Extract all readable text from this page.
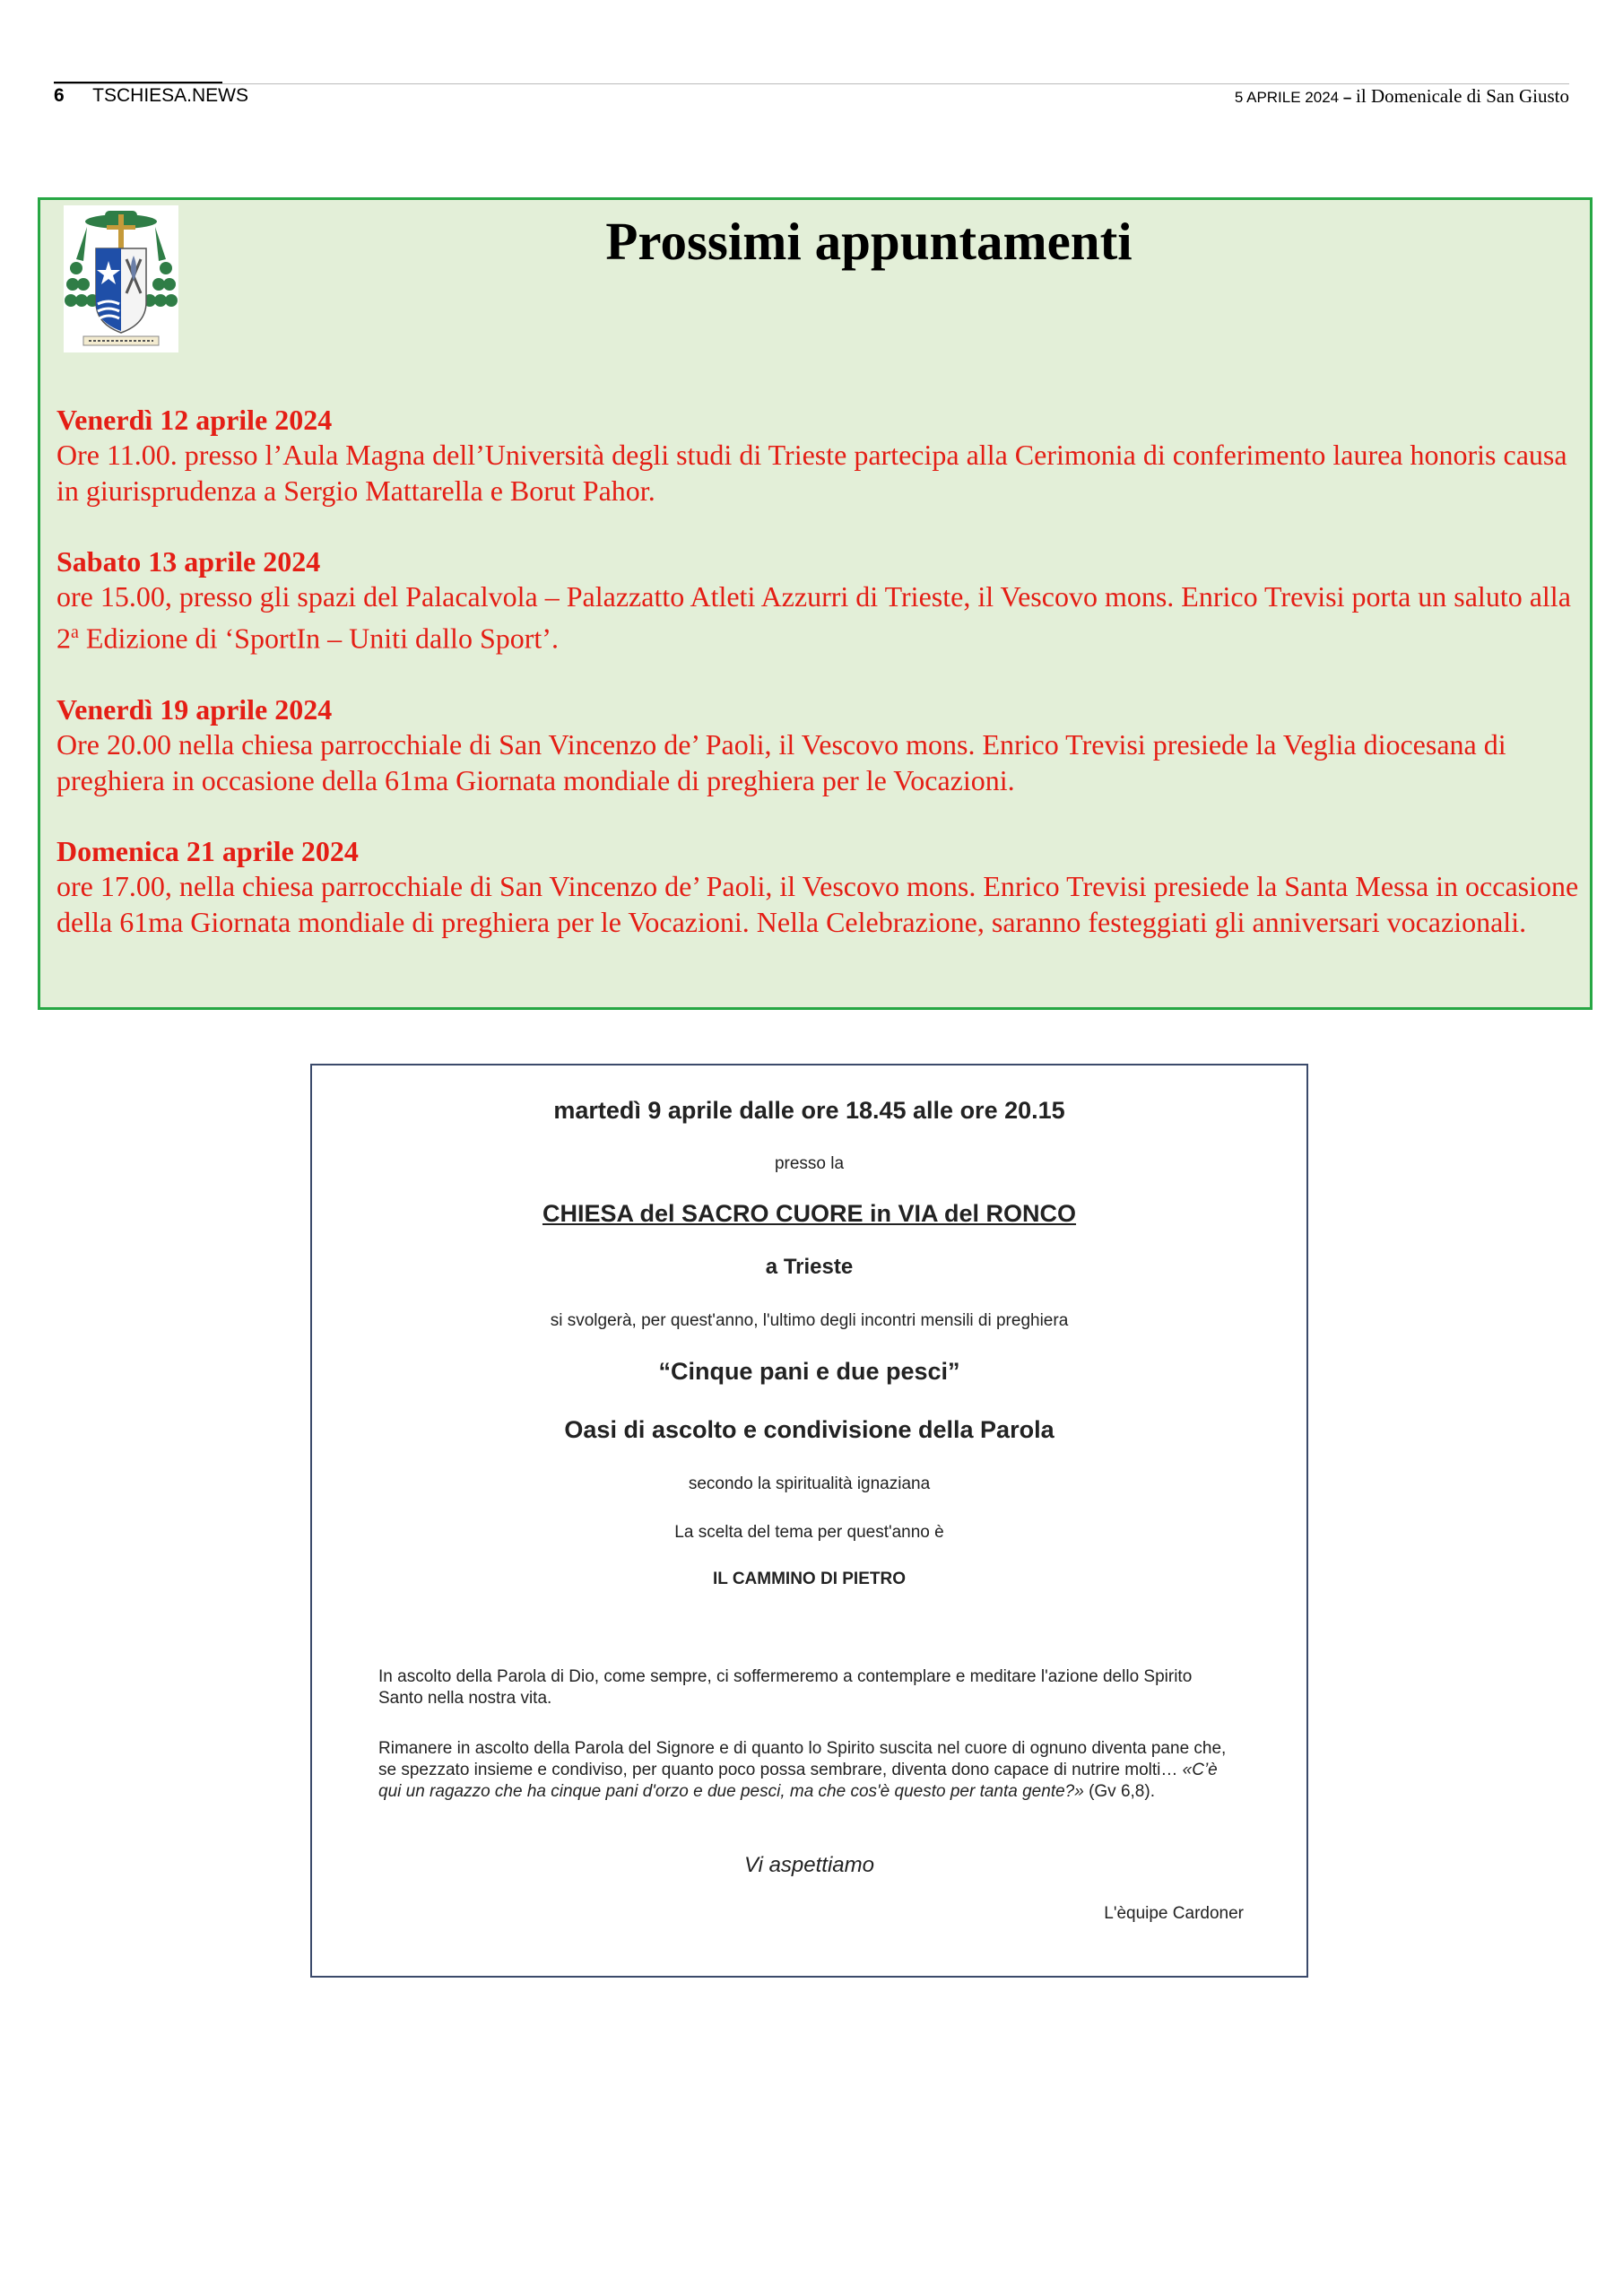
6 TSCHIESA.NEWS	5 APRILE 2024 – il Domenicale di San Giusto
Prossimi appuntamenti
Venerdì 12 aprile 2024
Ore 11.00. presso l’Aula Magna dell’Università degli studi di Trieste partecipa alla Cerimonia di conferimento laurea honoris causa in giurisprudenza a Sergio Mattarella e Borut Pahor.
Sabato 13 aprile 2024
ore 15.00, presso gli spazi del Palacalvola – Palazzatto Atleti Azzurri di Trieste, il Vescovo mons. Enrico Trevisi porta un saluto alla 2$^a$ Edizione di ‘SportIn – Uniti dallo Sport’.
Venerdì 19 aprile 2024
Ore 20.00 nella chiesa parrocchiale di San Vincenzo de’ Paoli, il Vescovo mons. Enrico Trevisi presiede la Veglia diocesana di preghiera in occasione della 61ma Giornata mondiale di preghiera per le Vocazioni.
Domenica 21 aprile 2024
ore 17.00, nella chiesa parrocchiale di San Vincenzo de’ Paoli, il Vescovo mons. Enrico Trevisi presiede la Santa Messa in occasione della 61ma Giornata mondiale di preghiera per le Vocazioni. Nella Celebrazione, saranno festeggiati gli anniversari vocazionali.
martedì 9 aprile dalle ore 18.45 alle ore 20.15
presso la
CHIESA del SACRO CUORE in VIA del RONCO
a Trieste
si svolgerà, per quest'anno, l'ultimo degli incontri mensili di preghiera
“Cinque pani e due pesci”
Oasi di ascolto e condivisione della Parola
secondo la spiritualità ignaziana
La scelta del tema per quest'anno è
IL CAMMINO DI PIETRO

In ascolto della Parola di Dio, come sempre, ci soffermeremo a contemplare e meditare l'azione dello Spirito Santo nella nostra vita.

Rimanere in ascolto della Parola del Signore e di quanto lo Spirito suscita nel cuore di ognuno diventa pane che, se spezzato insieme e condiviso, per quanto poco possa sembrare, diventa dono capace di nutrire molti… «C’è qui un ragazzo che ha cinque pani d'orzo e due pesci, ma che cos'è questo per tanta gente?» (Gv 6,8).

Vi aspettiamo
L'èquipe Cardoner
